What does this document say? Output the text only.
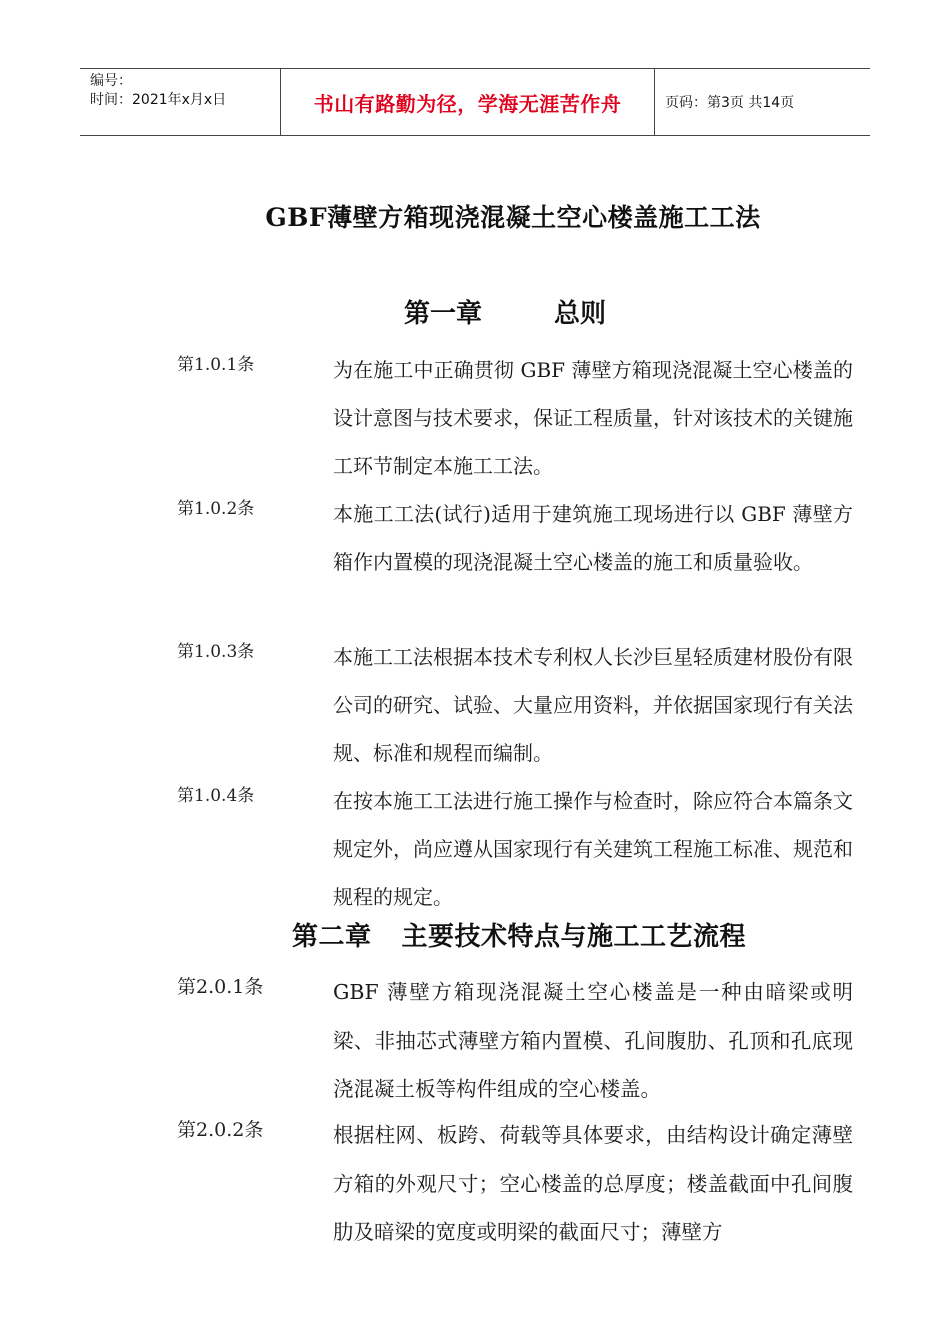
编号：
时间：2021年x月x日	书山有路勤为径，学海无涯苦作舟	页码：第3页 共14页
GBF薄壁方箱现浇混凝土空心楼盖施工工法
第一章	总则
第1.0.1条	为在施工中正确贯彻 GBF 薄壁方箱现浇混凝土空心楼盖的设计意图与技术要求，保证工程质量，针对该技术的关键施工环节制定本施工工法。
第1.0.2条	本施工工法(试行)适用于建筑施工现场进行以 GBF 薄壁方箱作内置模的现浇混凝土空心楼盖的施工和质量验收。
第1.0.3条	本施工工法根据本技术专利权人长沙巨星轻质建材股份有限公司的研究、试验、大量应用资料，并依据国家现行有关法规、标准和规程而编制。
第1.0.4条	在按本施工工法进行施工操作与检查时，除应符合本篇条文规定外，尚应遵从国家现行有关建筑工程施工标准、规范和规程的规定。
第二章 主要技术特点与施工工艺流程
第2.0.1条	GBF 薄壁方箱现浇混凝土空心楼盖是一种由暗梁或明梁、非抽芯式薄壁方箱内置模、孔间腹肋、孔顶和孔底现浇混凝土板等构件组成的空心楼盖。
第2.0.2条	根据柱网、板跨、荷载等具体要求，由结构设计确定薄壁方箱的外观尺寸；空心楼盖的总厚度；楼盖截面中孔间腹肋及暗梁的宽度或明梁的截面尺寸；薄壁方
